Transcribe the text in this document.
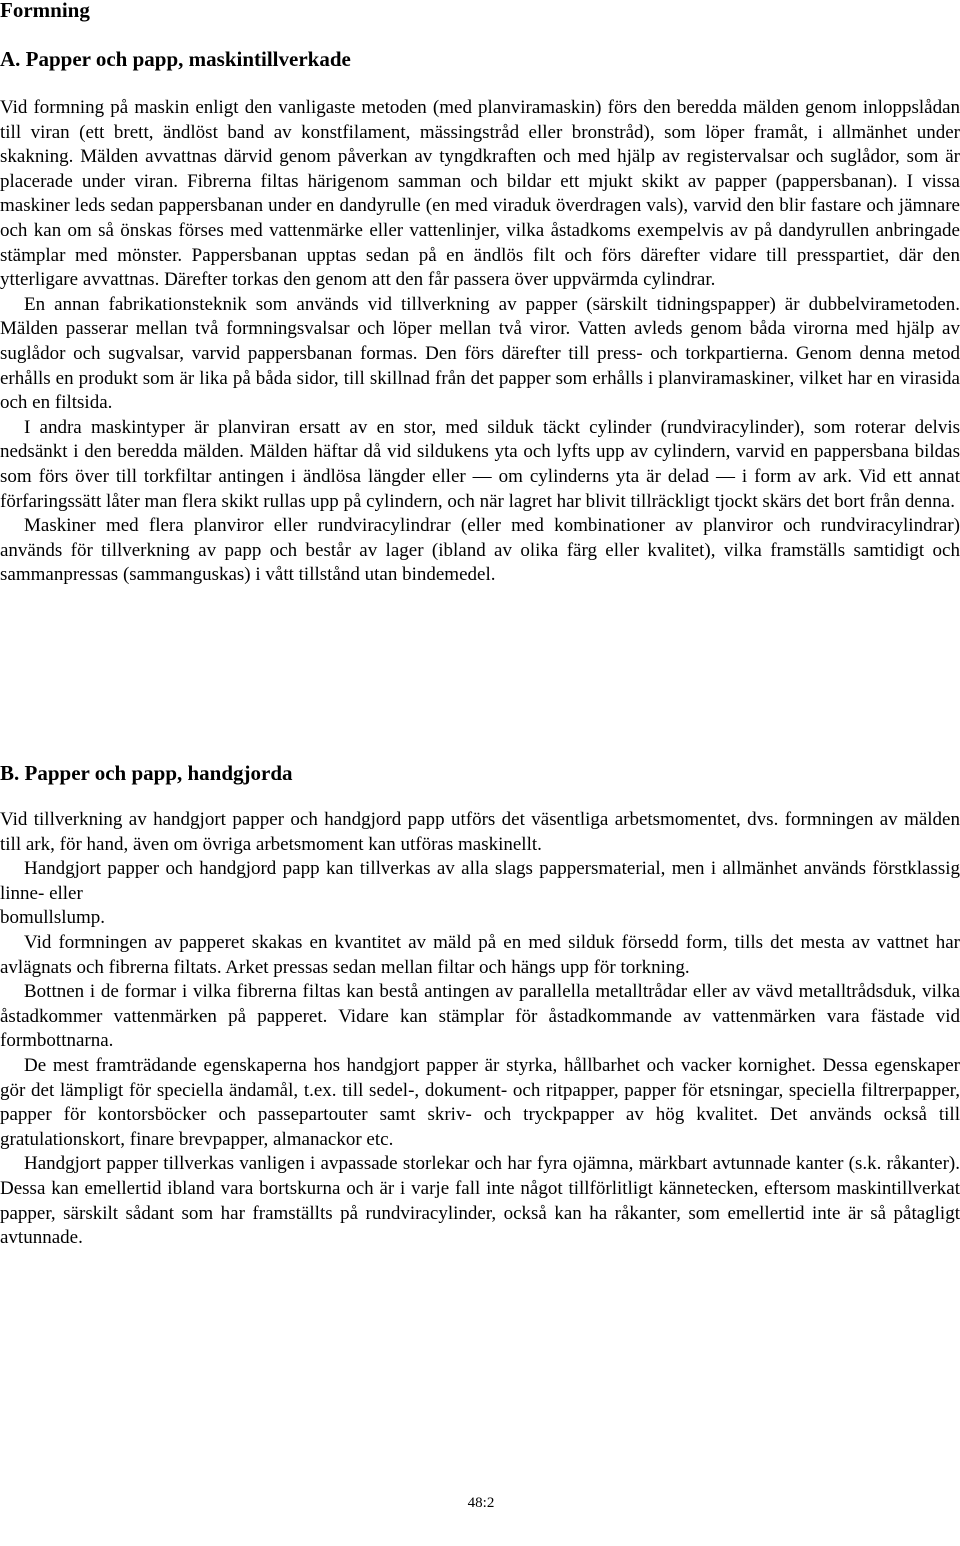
Formning
A. Papper och papp, maskintillverkade

Vid formning på maskin enligt den vanligaste metoden (med planviramaskin) förs den beredda mälden genom inloppslådan till viran (ett brett, ändlöst band av konstfilament, mässingstråd eller bronstråd), som löper framåt, i allmänhet under skakning. Mälden avvattnas därvid genom påverkan av tyngdkraften och med hjälp av registervalsar och suglådor, som är placerade under viran. Fibrerna filtas härigenom samman och bildar ett mjukt skikt av papper (pappersbanan). I vissa maskiner leds sedan pappersbanan under en dandyrulle (en med viraduk överdragen vals), varvid den blir fastare och jämnare och kan om så önskas förses med vattenmärke eller vattenlinjer, vilka åstadkoms exempelvis av på dandyrullen anbringade stämplar med mönster. Pappersbanan upptas sedan på en ändlös filt och förs därefter vidare till presspartiet, där den ytterligare avvattnas. Därefter torkas den genom att den får passera över uppvärmda cylindrar.

En annan fabrikationsteknik som används vid tillverkning av papper (särskilt tidningspapper) är dubbelvirametoden. Mälden passerar mellan två formningsvalsar och löper mellan två viror. Vatten avleds genom båda virorna med hjälp av suglådor och sugvalsar, varvid pappersbanan formas. Den förs därefter till press- och torkpartierna. Genom denna metod erhålls en produkt som är lika på båda sidor, till skillnad från det papper som erhålls i planviramaskiner, vilket har en virasida och en filtsida.

I andra maskintyper är planviran ersatt av en stor, med silduk täckt cylinder (rundviracylinder), som roterar delvis nedsänkt i den beredda mälden. Mälden häftar då vid sildukens yta och lyfts upp av cylindern, varvid en pappersbana bildas som förs över till torkfiltar antingen i ändlösa längder eller — om cylinderns yta är delad — i form av ark. Vid ett annat förfaringssätt låter man flera skikt rullas upp på cylindern, och när lagret har blivit tillräckligt tjockt skärs det bort från denna.

Maskiner med flera planviror eller rundviracylindrar (eller med kombinationer av planviror och rundviracylindrar) används för tillverkning av papp och består av lager (ibland av olika färg eller kvalitet), vilka framställs samtidigt och sammanpressas (sammanguskas) i vått tillstånd utan bindemedel.

B. Papper och papp, handgjorda

Vid tillverkning av handgjort papper och handgjord papp utförs det väsentliga arbetsmomentet, dvs. formningen av mälden till ark, för hand, även om övriga arbetsmoment kan utföras maskinellt.

Handgjort papper och handgjord papp kan tillverkas av alla slags pappersmaterial, men i allmänhet används förstklassig linne- eller

bomullslump.

Vid formningen av papperet skakas en kvantitet av mäld på en med silduk försedd form, tills det mesta av vattnet har avlägnats och fibrerna filtats. Arket pressas sedan mellan filtar och hängs upp för torkning.

Bottnen i de formar i vilka fibrerna filtas kan bestå antingen av parallella metalltrådar eller av vävd metalltrådsduk, vilka åstadkommer vattenmärken på papperet. Vidare kan stämplar för åstadkommande av vattenmärken vara fästade vid formbottnarna.

De mest framträdande egenskaperna hos handgjort papper är styrka, hållbarhet och vacker kornighet. Dessa egenskaper gör det lämpligt för speciella ändamål, t.ex. till sedel-, dokument- och ritpapper, papper för etsningar, speciella filtrerpapper, papper för kontorsböcker och passepartouter samt skriv- och tryckpapper av hög kvalitet. Det används också till gratulationskort, finare brevpapper, almanackor etc.

Handgjort papper tillverkas vanligen i avpassade storlekar och har fyra ojämna, märkbart avtunnade kanter (s.k. råkanter). Dessa kan emellertid ibland vara bortskurna och är i varje fall inte något tillförlitligt kännetecken, eftersom maskintillverkat papper, särskilt sådant som har framställts på rundviracylinder, också kan ha råkanter, som emellertid inte är så påtagligt avtunnade.

48:2
